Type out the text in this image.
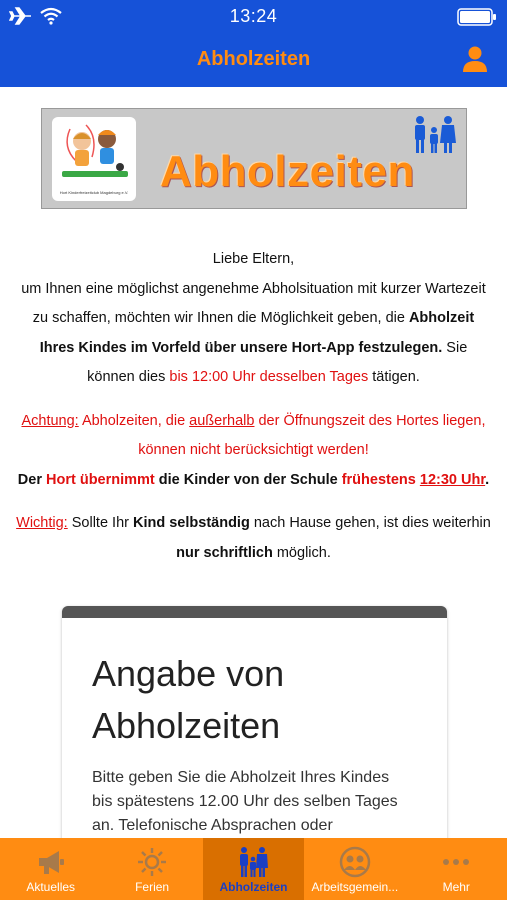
13:24
Abholzeiten
Hort Kinderfreizeitclub Magdeburg e.V. Abholzeiten

Liebe Eltern,

um Ihnen eine möglichst angenehme Abholsituation mit kurzer Wartezeit zu schaffen, möchten wir Ihnen die Möglichkeit geben, die Abholzeit Ihres Kindes im Vorfeld über unsere Hort-App festzulegen. Sie können dies bis 12:00 Uhr desselben Tages tätigen.

Achtung: Abholzeiten, die außerhalb der Öffnungszeit des Hortes liegen, können nicht berücksichtigt werden!

Der Hort übernimmt die Kinder von der Schule frühestens 12:30 Uhr.

Wichtig: Sollte Ihr Kind selbständig nach Hause gehen, ist dies weiterhin nur schriftlich möglich.

Angabe von Abholzeiten
Bitte geben Sie die Abholzeit Ihres Kindes bis spätestens 12.00 Uhr des selben Tages an. Telefonische Absprachen oder
Aktuelles	Ferien	Abholzeiten	Arbeitsgemein...	Mehr
